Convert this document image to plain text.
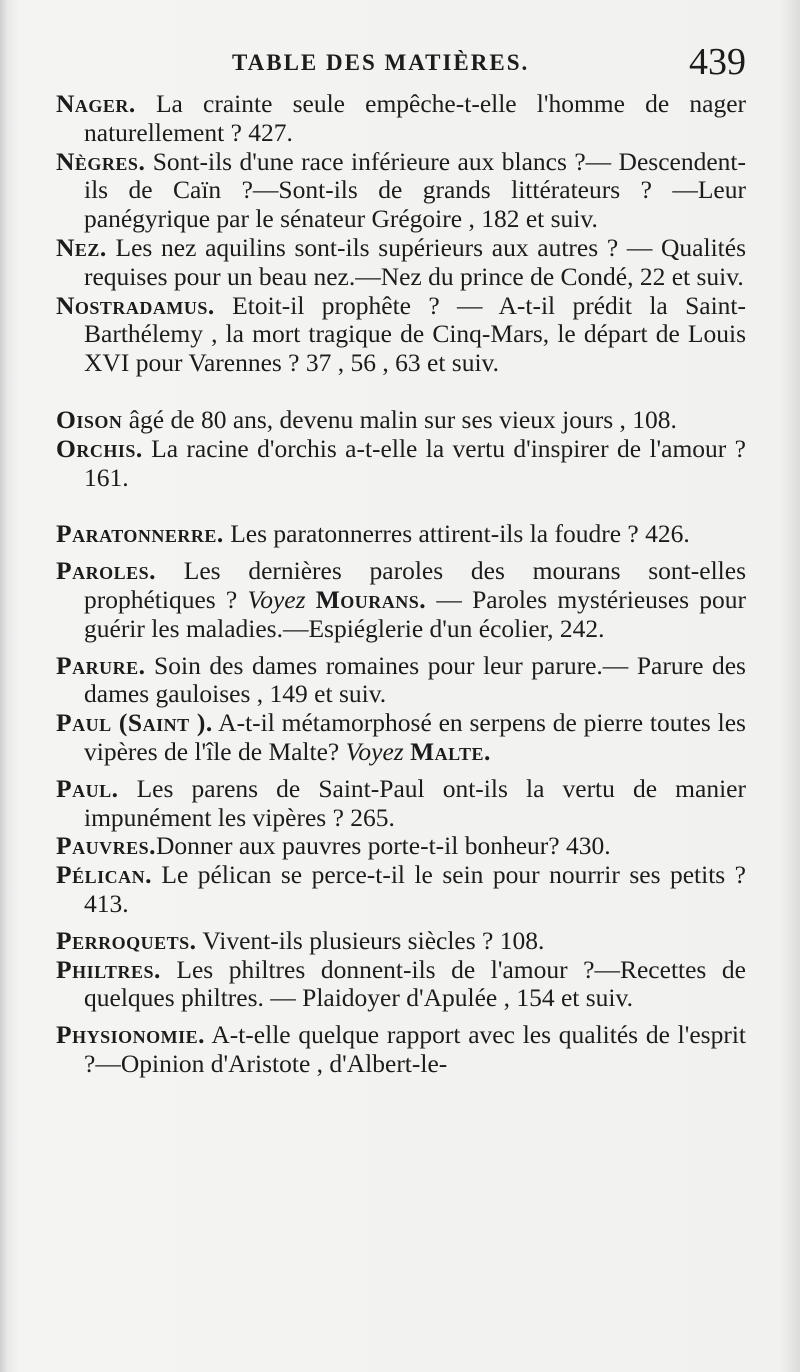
TABLE DES MATIÈRES.	439

Nager. La crainte seule empêche-t-elle l'homme de nager naturellement ? 427.

Nègres. Sont-ils d'une race inférieure aux blancs ?— Descendent-ils de Caïn ?—Sont-ils de grands littérateurs ? —Leur panégyrique par le sénateur Grégoire , 182 et suiv.

Nez. Les nez aquilins sont-ils supérieurs aux autres ? — Qualités requises pour un beau nez.—Nez du prince de Condé, 22 et suiv.

Nostradamus. Etoit-il prophête ? — A-t-il prédit la Saint-Barthélemy , la mort tragique de Cinq-Mars, le départ de Louis XVI pour Varennes ? 37 , 56 , 63 et suiv.

Oison âgé de 80 ans, devenu malin sur ses vieux jours , 108.

Orchis. La racine d'orchis a-t-elle la vertu d'inspirer de l'amour ? 161.

Paratonnerre. Les paratonnerres attirent-ils la foudre ? 426.

Paroles. Les dernières paroles des mourans sont-elles prophétiques ? Voyez Mourans. — Paroles mystérieuses pour guérir les maladies.—Espiéglerie d'un écolier, 242.

Parure. Soin des dames romaines pour leur parure.— Parure des dames gauloises , 149 et suiv.

Paul (Saint ). A-t-il métamorphosé en serpens de pierre toutes les vipères de l'île de Malte? Voyez Malte.

Paul. Les parens de Saint-Paul ont-ils la vertu de manier impunément les vipères ? 265.

Pauvres.Donner aux pauvres porte-t-il bonheur? 430.

Pélican. Le pélican se perce-t-il le sein pour nourrir ses petits ? 413.

Perroquets. Vivent-ils plusieurs siècles ? 108.

Philtres. Les philtres donnent-ils de l'amour ?—Recettes de quelques philtres. — Plaidoyer d'Apulée , 154 et suiv.

Physionomie. A-t-elle quelque rapport avec les qualités de l'esprit ?—Opinion d'Aristote , d'Albert-le-
